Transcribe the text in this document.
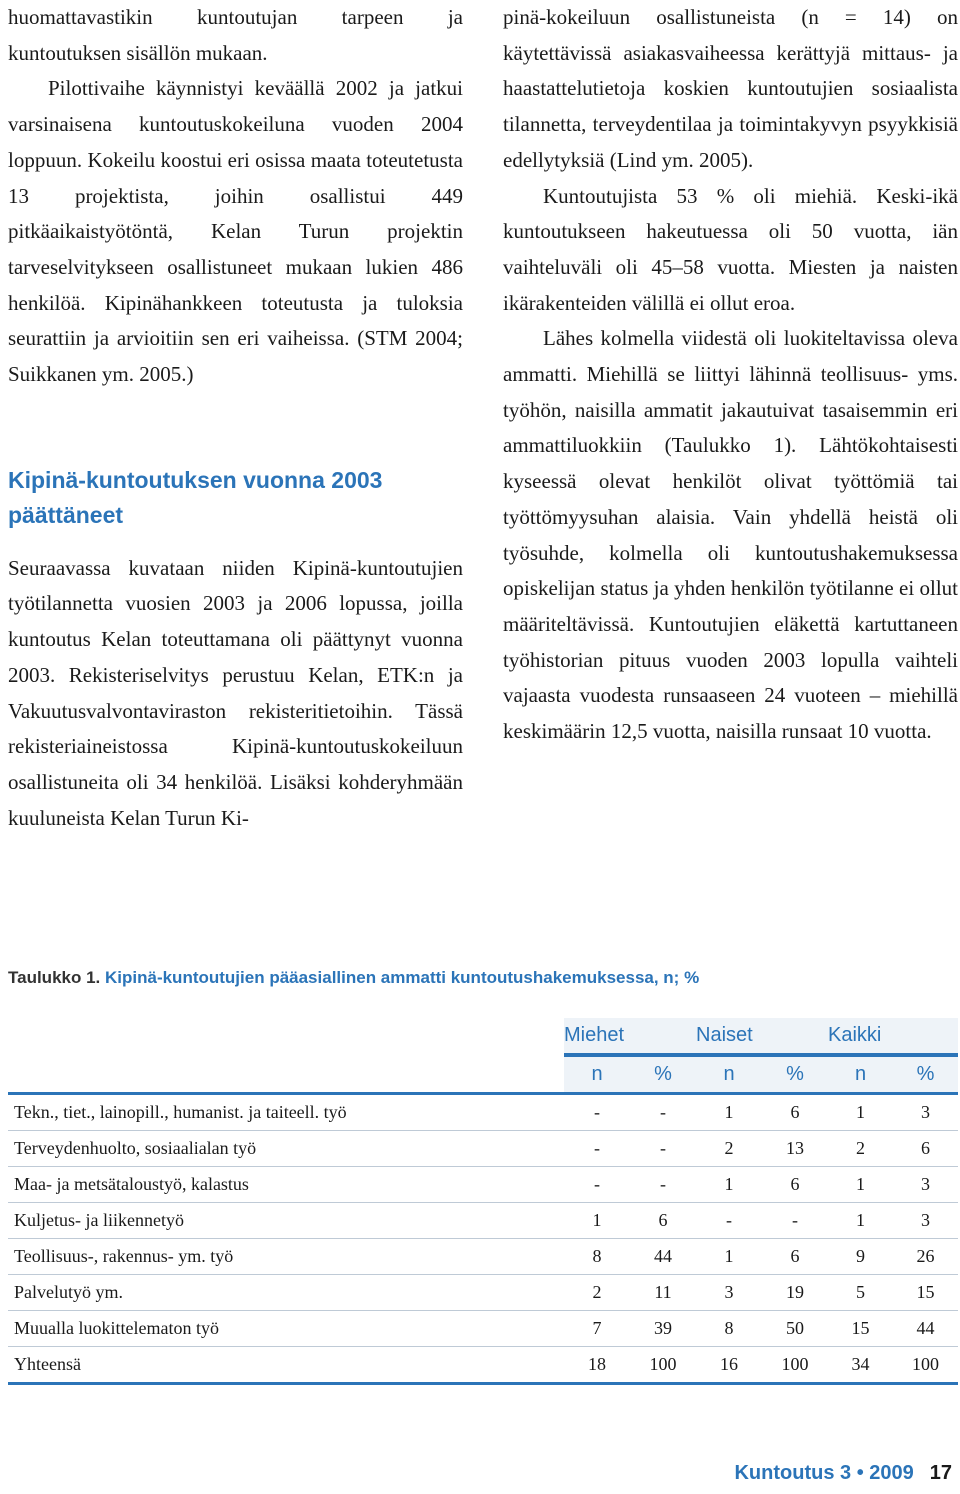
huomattavastikin kuntoutujan tarpeen ja kuntoutuksen sisällön mukaan.

Pilottivaihe käynnistyi keväällä 2002 ja jatkui varsinaisena kuntoutuskokeiluna vuoden 2004 loppuun. Kokeilu koostui eri osissa maata toteutetusta 13 projektista, joihin osallistui 449 pitkäaikaistyötöntä, Kelan Turun projektin tarveselvitykseen osallistuneet mukaan lukien 486 henkilöä. Kipinähankkeen toteutusta ja tuloksia seurattiin ja arvioitiin sen eri vaiheissa. (STM 2004; Suikkanen ym. 2005.)

Kipinä-kuntoutuksen vuonna 2003 päättäneet

Seuraavassa kuvataan niiden Kipinä-kuntoutujien työtilannetta vuosien 2003 ja 2006 lopussa, joilla kuntoutus Kelan toteuttamana oli päättynyt vuonna 2003. Rekisteriselvitys perustuu Kelan, ETK:n ja Vakuutusvalvontaviraston rekisteritietoihin. Tässä rekisteriaineistossa Kipinä-kuntoutuskokeiluun osallistuneita oli 34 henkilöä. Lisäksi kohderyhmään kuuluneista Kelan Turun Ki-

pinä-kokeiluun osallistuneista (n = 14) on käytettävissä asiakasvaiheessa kerättyjä mittaus- ja haastattelutietoja koskien kuntoutujien sosiaalista tilannetta, terveydentilaa ja toimintakyvyn psyykkisiä edellytyksiä (Lind ym. 2005).

Kuntoutujista 53 % oli miehiä. Keski-ikä kuntoutukseen hakeutuessa oli 50 vuotta, iän vaihteluväli oli 45–58 vuotta. Miesten ja naisten ikärakenteiden välillä ei ollut eroa.

Lähes kolmella viidestä oli luokiteltavissa oleva ammatti. Miehillä se liittyi lähinnä teollisuus- yms. työhön, naisilla ammatit jakautuivat tasaisemmin eri ammattiluokkiin (Taulukko 1). Lähtökohtaisesti kyseessä olevat henkilöt olivat työttömiä tai työttömyysuhan alaisia. Vain yhdellä heistä oli työsuhde, kolmella oli kuntoutushakemuksessa opiskelijan status ja yhden henkilön työtilanne ei ollut määriteltävissä. Kuntoutujien eläkettä kartuttaneen työhistorian pituus vuoden 2003 lopulla vaihteli vajaasta vuodesta runsaaseen 24 vuoteen – miehillä keskimäärin 12,5 vuotta, naisilla runsaat 10 vuotta.

Taulukko 1. Kipinä-kuntoutujien pääasiallinen ammatti kuntoutushakemuksessa, n; %
	Miehet		Naiset		Kaikki	
	n	%	n	%	n	%
Tekn., tiet., lainopill., humanist. ja taiteell. työ	-	-	1	6	1	3
Terveydenhuolto, sosiaalialan työ	-	-	2	13	2	6
Maa- ja metsätaloustyö, kalastus	-	-	1	6	1	3
Kuljetus- ja liikennetyö	1	6	-	-	1	3
Teollisuus-, rakennus- ym. työ	8	44	1	6	9	26
Palvelutyö ym.	2	11	3	19	5	15
Muualla luokittelematon työ	7	39	8	50	15	44
Yhteensä	18	100	16	100	34	100
Kuntoutus 3 • 2009 17
